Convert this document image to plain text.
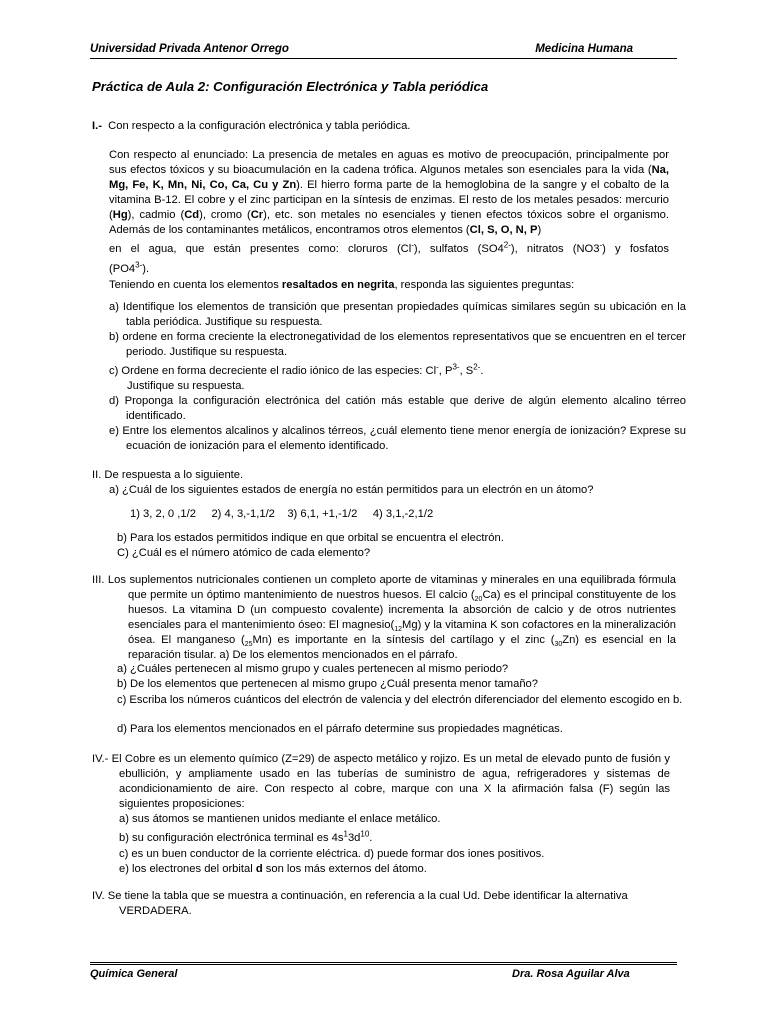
Universidad Privada Antenor Orrego	Medicina Humana
Práctica de Aula 2: Configuración Electrónica y Tabla periódica
I.- Con respecto a la configuración electrónica y tabla periódica.
Con respecto al enunciado: La presencia de metales en aguas es motivo de preocupación, principalmente por sus efectos tóxicos y su bioacumulación en la cadena trófica. Algunos metales son esenciales para la vida (Na, Mg, Fe, K, Mn, Ni, Co, Ca, Cu y Zn). El hierro forma parte de la hemoglobina de la sangre y el cobalto de la vitamina B-12. El cobre y el zinc participan en la síntesis de enzimas. El resto de los metales pesados: mercurio (Hg), cadmio (Cd), cromo (Cr), etc. son metales no esenciales y tienen efectos tóxicos sobre el organismo. Además de los contaminantes metálicos, encontramos otros elementos (Cl, S, O, N, P)
en el agua, que están presentes como: cloruros (Cl-), sulfatos $(SO4^{2-})$, nitratos (NO3-) y fosfatos
$(PO4^{3-})$.
Teniendo en cuenta los elementos resaltados en negrita, responda las siguientes preguntas:
a) Identifique los elementos de transición que presentan propiedades químicas similares según su ubicación en la tabla periódica. Justifique su respuesta.
b) ordene en forma creciente la electronegatividad de los elementos representativos que se encuentren en el tercer periodo. Justifique su respuesta.
c) Ordene en forma decreciente el radio iónico de las especies: Cl-, $P^{3-}$, $S^{2-}$.
Justifique su respuesta.
d) Proponga la configuración electrónica del catión más estable que derive de algún elemento alcalino térreo identificado.
e) Entre los elementos alcalinos y alcalinos térreos, ¿cuál elemento tiene menor energía de ionización? Exprese su ecuación de ionización para el elemento identificado.
II. De respuesta a lo siguiente.
a) ¿Cuál de los siguientes estados de energía no están permitidos para un electrón en un átomo?
1) 3, 2, 0 ,1/2     2) 4, 3,-1,1/2    3) 6,1, +1,-1/2     4) 3,1,-2,1/2
b) Para los estados permitidos indique en que orbital se encuentra el electrón.
C) ¿Cuál es el número atómico de cada elemento?
III. Los suplementos nutricionales contienen un completo aporte de vitaminas y minerales en una equilibrada fórmula que permite un óptimo mantenimiento de nuestros huesos. El calcio $(_{20}Ca)$ es el principal constituyente de los huesos. La vitamina D (un compuesto covalente) incrementa la absorción de calcio y de otros nutrientes esenciales para el mantenimiento óseo: El $magnesio(_{12}Mg)$ y la vitamina K son cofactores en la mineralización ósea. El manganeso $(_{25}Mn)$ es importante en la síntesis del cartílago y el zinc $(_{30}Zn)$ es esencial en la reparación tisular. a) De los elementos mencionados en el párrafo.
a) ¿Cuáles pertenecen al mismo grupo y cuales pertenecen al mismo periodo?
b) De los elementos que pertenecen al mismo grupo ¿Cuál presenta menor tamaño?
c) Escriba los números cuánticos del electrón de valencia y del electrón diferenciador del elemento escogido en b.
d) Para los elementos mencionados en el párrafo determine sus propiedades magnéticas.
IV.- El Cobre es un elemento químico (Z=29) de aspecto metálico y rojizo. Es un metal de elevado punto de fusión y ebullición, y ampliamente usado en las tuberías de suministro de agua, refrigeradores y sistemas de acondicionamiento de aire. Con respecto al cobre, marque con una X la afirmación falsa (F) según las siguientes proposiciones:
a) sus átomos se mantienen unidos mediante el enlace metálico.
b) su configuración electrónica terminal es $4s^13d^{10}$.
c) es un buen conductor de la corriente eléctrica. d) puede formar dos iones positivos.
e) los electrones del orbital d son los más externos del átomo.
IV. Se tiene la tabla que se muestra a continuación, en referencia a la cual Ud. Debe identificar la alternativa VERDADERA.
Química General	Dra. Rosa Aguilar Alva
